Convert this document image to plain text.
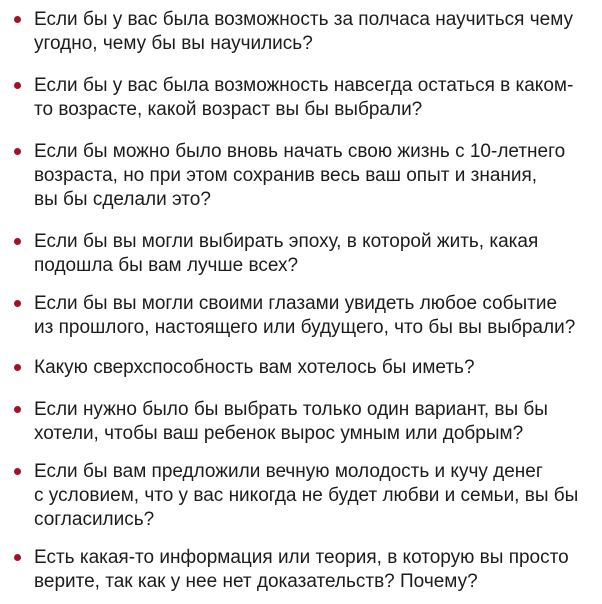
Если бы у вас была возможность за полчаса научиться чему
угодно, чему бы вы научились?

Если бы у вас была возможность навсегда остаться в каком-
то возрасте, какой возраст вы бы выбрали?

Если бы можно было вновь начать свою жизнь с 10-летнего
возраста, но при этом сохранив весь ваш опыт и знания,
вы бы сделали это?

Если бы вы могли выбирать эпоху, в которой жить, какая
подошла бы вам лучше всех?

Если бы вы могли своими глазами увидеть любое событие
из прошлого, настоящего или будущего, что бы вы выбрали?

Какую сверхспособность вам хотелось бы иметь?

Если нужно было бы выбрать только один вариант, вы бы
хотели, чтобы ваш ребенок вырос умным или добрым?

Если бы вам предложили вечную молодость и кучу денег
с условием, что у вас никогда не будет любви и семьи, вы бы
согласились?

Есть какая-то информация или теория, в которую вы просто
верите, так как у нее нет доказательств? Почему?
